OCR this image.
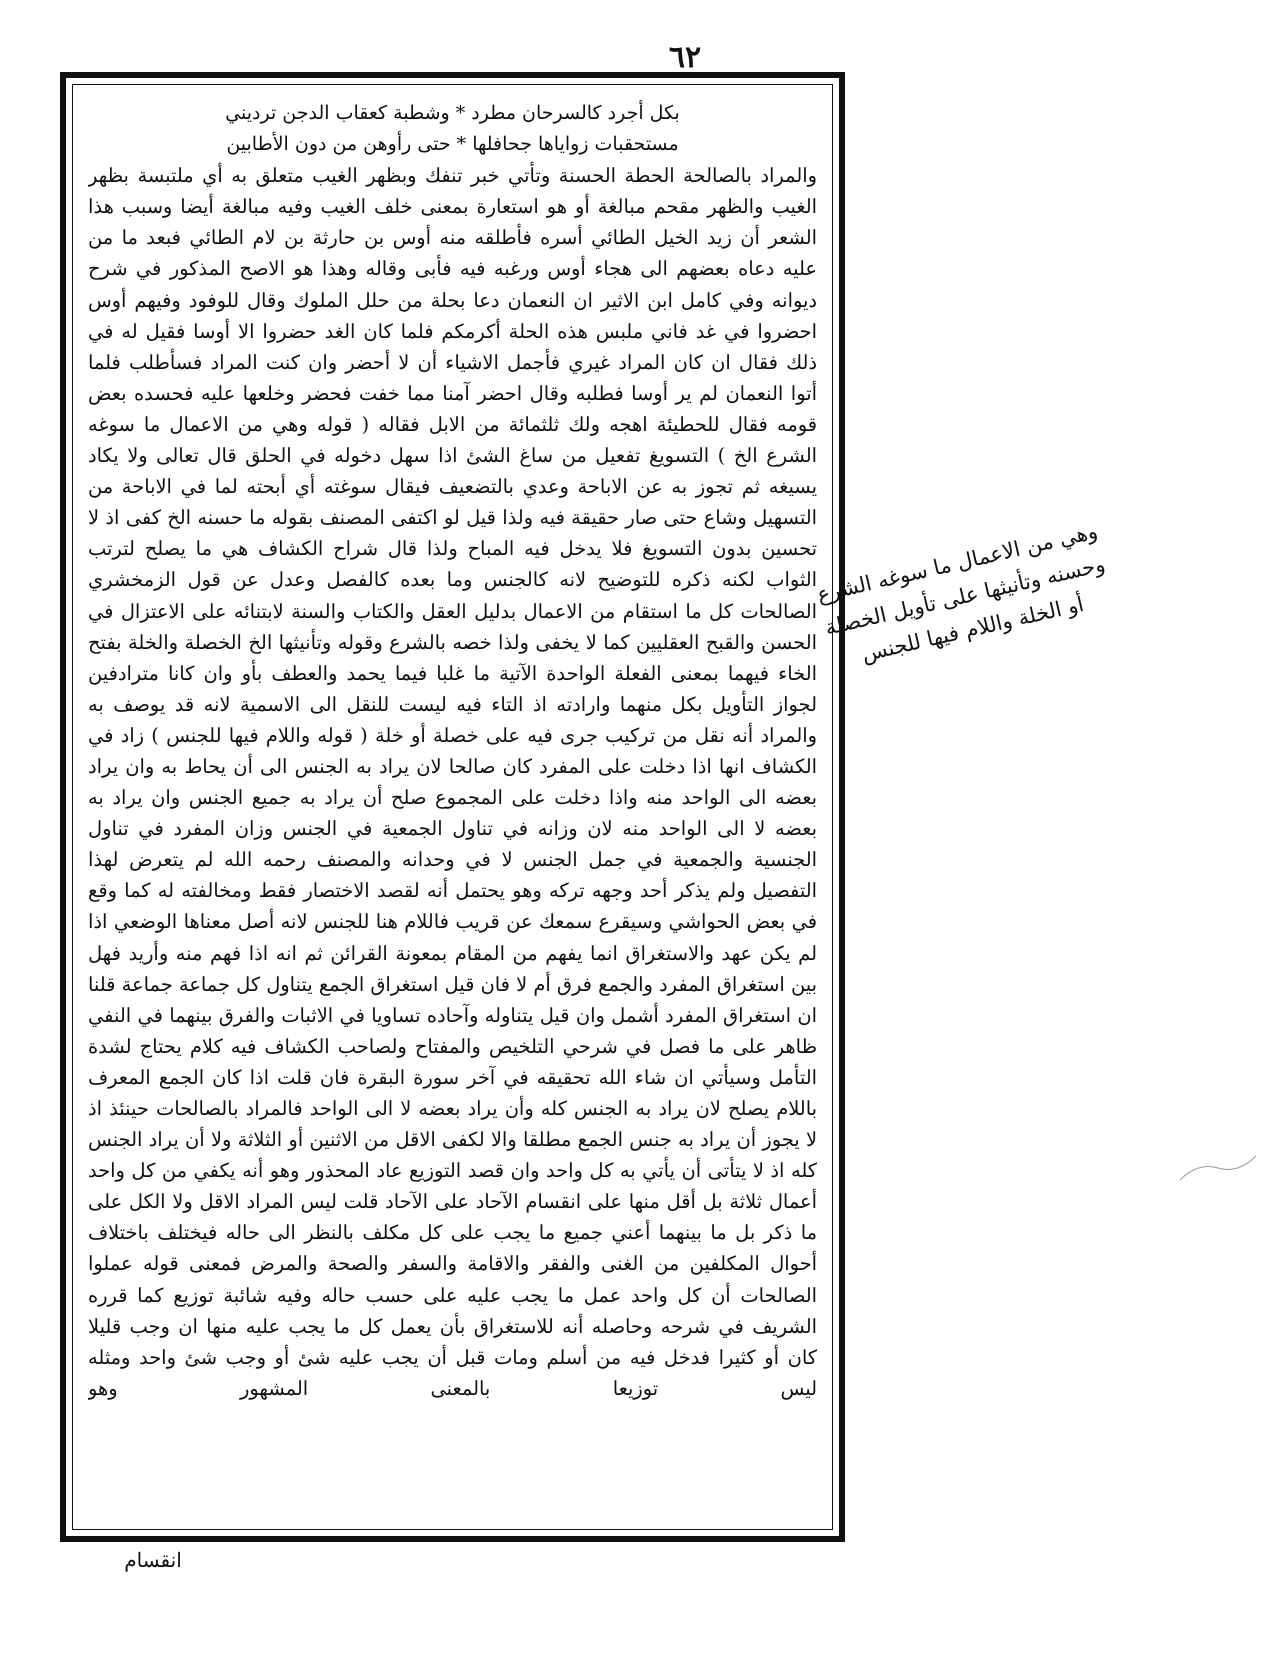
٦٢
بكل أجرد كالسرحان مطرد * وشطبة كعقاب الدجن ترديني
مستحقبات زواياها جحافلها * حتى رأوهن من دون الأطابين
والمراد بالصالحة الحطة الحسنة وتأتي خبر تنفك وبظهر الغيب متعلق به أي ملتبسة بظهر الغيب والظهر مقحم مبالغة أو هو استعارة بمعنى خلف الغيب وفيه مبالغة أيضا وسبب هذا الشعر أن زيد الخيل الطائي أسره فأطلقه منه أوس بن حارثة بن لام الطائي فبعد ما من عليه دعاه بعضهم الى هجاء أوس ورغبه فيه فأبى وقاله وهذا هو الاصح المذكور في شرح ديوانه وفي كامل ابن الاثير ان النعمان دعا بحلة من حلل الملوك وقال للوفود وفيهم أوس احضروا في غد فاني ملبس هذه الحلة أكرمكم فلما كان الغد حضروا الا أوسا فقيل له في ذلك فقال ان كان المراد غيري فأجمل الاشياء أن لا أحضر وان كنت المراد فسأطلب فلما أتوا النعمان لم ير أوسا فطلبه وقال احضر آمنا مما خفت فحضر وخلعها عليه فحسده بعض قومه فقال للحطيئة اهجه ولك ثلثمائة من الابل فقاله ( قوله وهي من الاعمال ما سوغه الشرع الخ ) التسويغ تفعيل من ساغ الشئ اذا سهل دخوله في الحلق قال تعالى ولا يكاد يسيغه ثم تجوز به عن الاباحة وعدي بالتضعيف فيقال سوغته أي أبحته لما في الاباحة من التسهيل وشاع حتى صار حقيقة فيه ولذا قيل لو اكتفى المصنف بقوله ما حسنه الخ كفى اذ لا تحسين بدون التسويغ فلا يدخل فيه المباح ولذا قال شراح الكشاف هي ما يصلح لترتب الثواب لكنه ذكره للتوضيح لانه كالجنس وما بعده كالفصل وعدل عن قول الزمخشري الصالحات كل ما استقام من الاعمال بدليل العقل والكتاب والسنة لابتنائه على الاعتزال في الحسن والقبح العقليين كما لا يخفى ولذا خصه بالشرع وقوله وتأنيثها الخ الخصلة والخلة بفتح الخاء فيهما بمعنى الفعلة الواحدة الآتية ما غلبا فيما يحمد والعطف بأو وان كانا مترادفين لجواز التأويل بكل منهما وارادته اذ التاء فيه ليست للنقل الى الاسمية لانه قد يوصف به والمراد أنه نقل من تركيب جرى فيه على خصلة أو خلة ( قوله واللام فيها للجنس ) زاد في الكشاف انها اذا دخلت على المفرد كان صالحا لان يراد به الجنس الى أن يحاط به وان يراد بعضه الى الواحد منه واذا دخلت على المجموع صلح أن يراد به جميع الجنس وان يراد به بعضه لا الى الواحد منه لان وزانه في تناول الجمعية في الجنس وزان المفرد في تناول الجنسية والجمعية في جمل الجنس لا في وحدانه والمصنف رحمه الله لم يتعرض لهذا التفصيل ولم يذكر أحد وجهه تركه وهو يحتمل أنه لقصد الاختصار فقط ومخالفته له كما وقع في بعض الحواشي وسيقرع سمعك عن قريب فاللام هنا للجنس لانه أصل معناها الوضعي اذا لم يكن عهد والاستغراق انما يفهم من المقام بمعونة القرائن ثم انه اذا فهم منه وأريد فهل بين استغراق المفرد والجمع فرق أم لا فان قيل استغراق الجمع يتناول كل جماعة جماعة قلنا ان استغراق المفرد أشمل وان قيل يتناوله وآحاده تساويا في الاثبات والفرق بينهما في النفي ظاهر على ما فصل في شرحي التلخيص والمفتاح ولصاحب الكشاف فيه كلام يحتاج لشدة التأمل وسيأتي ان شاء الله تحقيقه في آخر سورة البقرة فان قلت اذا كان الجمع المعرف باللام يصلح لان يراد به الجنس كله وأن يراد بعضه لا الى الواحد فالمراد بالصالحات حينئذ اذ لا يجوز أن يراد به جنس الجمع مطلقا والا لكفى الاقل من الاثنين أو الثلاثة ولا أن يراد الجنس كله اذ لا يتأتى أن يأتي به كل واحد وان قصد التوزيع عاد المحذور وهو أنه يكفي من كل واحد أعمال ثلاثة بل أقل منها على انقسام الآحاد على الآحاد قلت ليس المراد الاقل ولا الكل على ما ذكر بل ما بينهما أعني جميع ما يجب على كل مكلف بالنظر الى حاله فيختلف باختلاف أحوال المكلفين من الغنى والفقر والاقامة والسفر والصحة والمرض فمعنى قوله عملوا الصالحات أن كل واحد عمل ما يجب عليه على حسب حاله وفيه شائبة توزيع كما قرره الشريف في شرحه وحاصله أنه للاستغراق بأن يعمل كل ما يجب عليه منها ان وجب قليلا كان أو كثيرا فدخل فيه من أسلم ومات قبل أن يجب عليه شئ أو وجب شئ واحد ومثله ليس توزيعا بالمعنى المشهور وهو
وهي من الاعمال ما سوغه الشرع وحسنه وتأنيثها على تأويل الخصلة أو الخلة واللام فيها للجنس
انقسام
